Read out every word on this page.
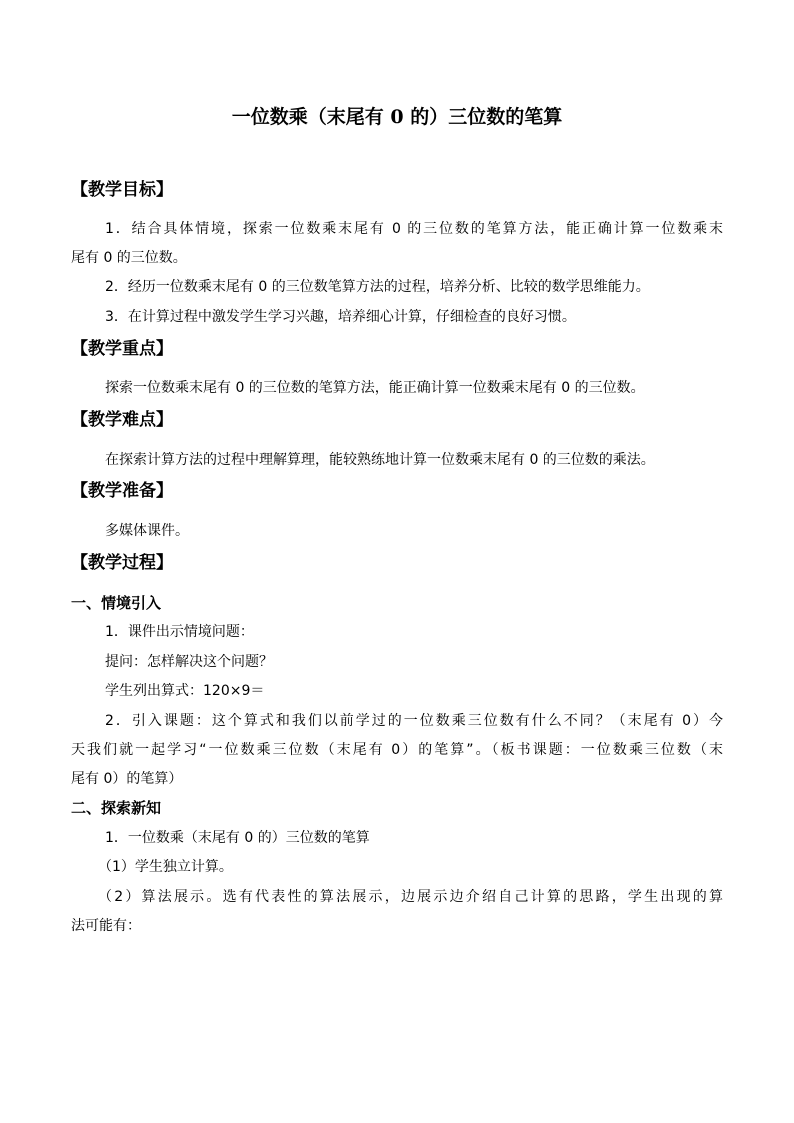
一位数乘（末尾有 0 的）三位数的笔算
【教学目标】
1．结合具体情境，探索一位数乘末尾有 0 的三位数的笔算方法，能正确计算一位数乘末
尾有 0 的三位数。
2．经历一位数乘末尾有 0 的三位数笔算方法的过程，培养分析、比较的数学思维能力。
3．在计算过程中激发学生学习兴趣，培养细心计算，仔细检查的良好习惯。
【教学重点】
探索一位数乘末尾有 0 的三位数的笔算方法，能正确计算一位数乘末尾有 0 的三位数。
【教学难点】
在探索计算方法的过程中理解算理，能较熟练地计算一位数乘末尾有 0 的三位数的乘法。
【教学准备】
多媒体课件。
【教学过程】
一、情境引入
1．课件出示情境问题：
提问：怎样解决这个问题？
学生列出算式：120×9＝
2．引入课题：这个算式和我们以前学过的一位数乘三位数有什么不同？（末尾有 0）今
天我们就一起学习“一位数乘三位数（末尾有 0）的笔算”。（板书课题：一位数乘三位数（末
尾有 0）的笔算）
二、探索新知
1．一位数乘（末尾有 0 的）三位数的笔算
（1）学生独立计算。
（2）算法展示。选有代表性的算法展示，边展示边介绍自己计算的思路，学生出现的算
法可能有：
